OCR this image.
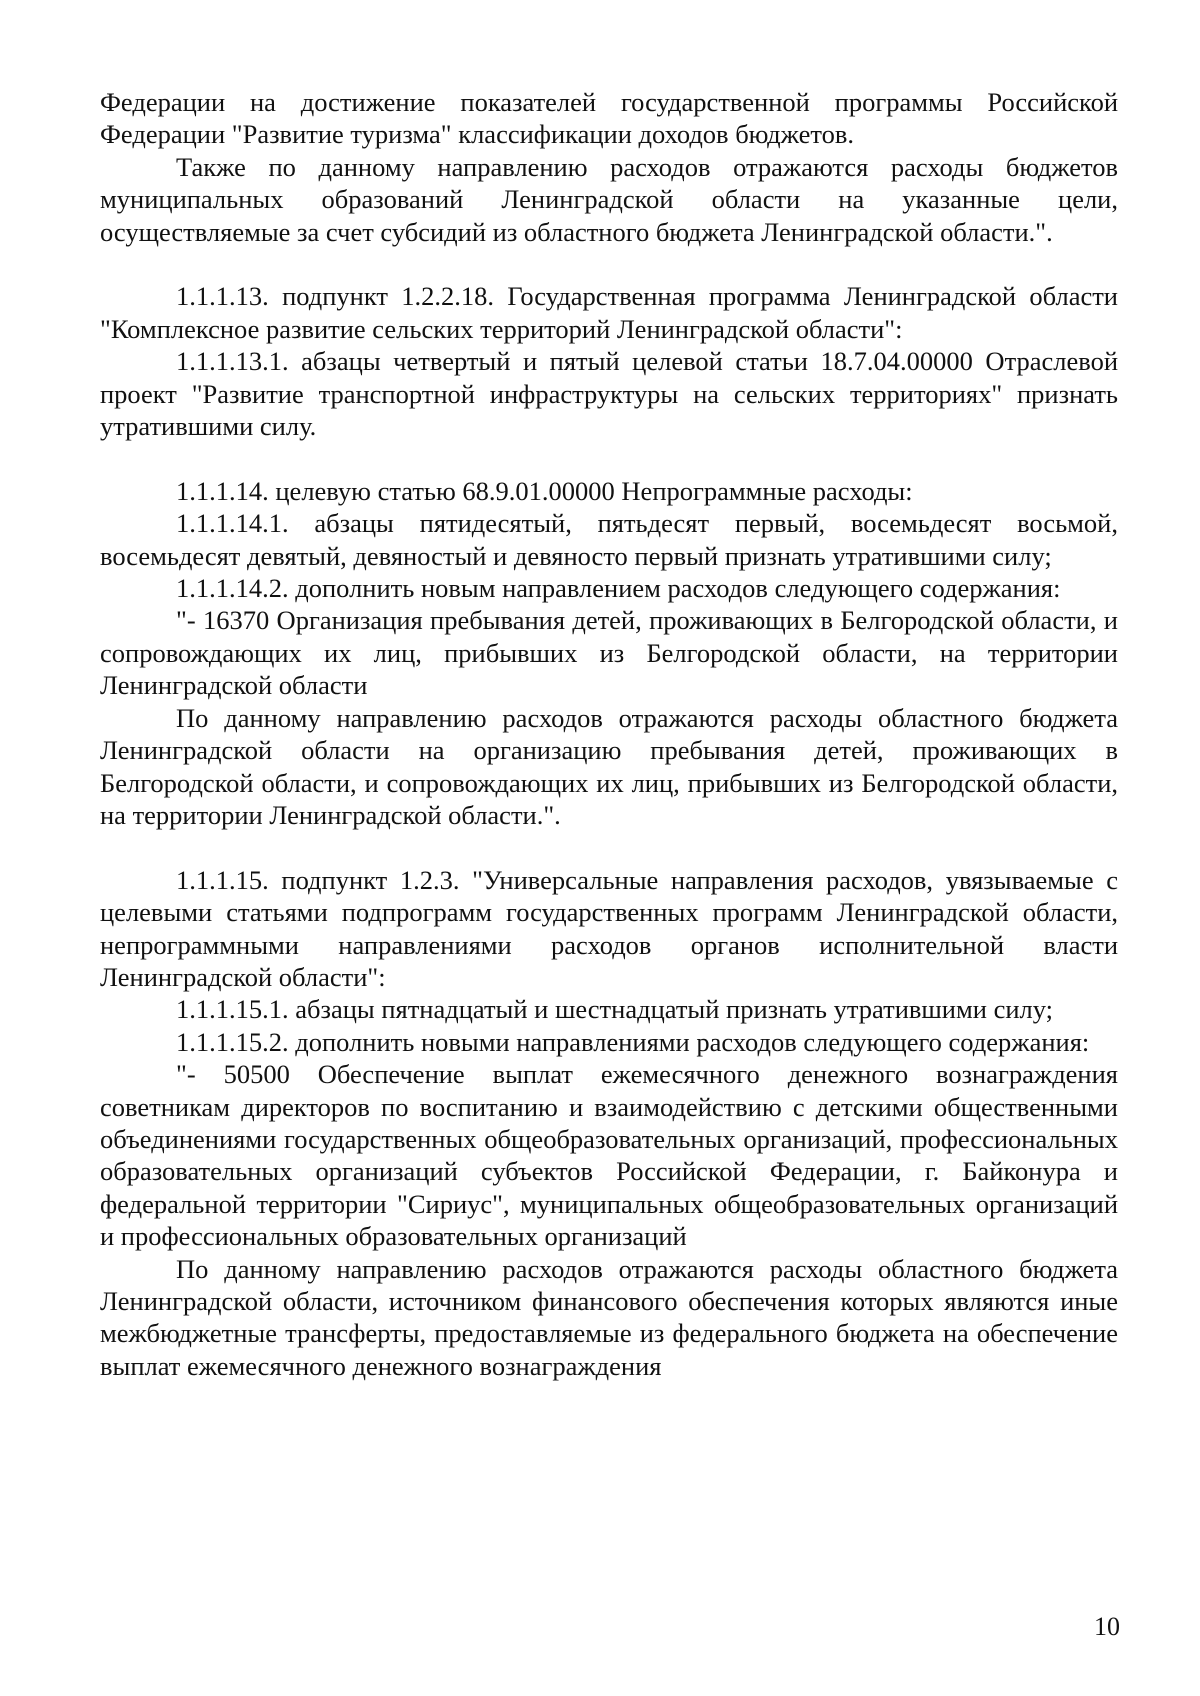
Федерации на достижение показателей государственной программы Российской Федерации "Развитие туризма" классификации доходов бюджетов.

Также по данному направлению расходов отражаются расходы бюджетов муниципальных образований Ленинградской области на указанные цели, осуществляемые за счет субсидий из областного бюджета Ленинградской области.".

1.1.1.13. подпункт 1.2.2.18. Государственная программа Ленинградской области "Комплексное развитие сельских территорий Ленинградской области":

1.1.1.13.1. абзацы четвертый и пятый целевой статьи 18.7.04.00000 Отраслевой проект "Развитие транспортной инфраструктуры на сельских территориях" признать утратившими силу.

1.1.1.14. целевую статью 68.9.01.00000 Непрограммные расходы:

1.1.1.14.1. абзацы пятидесятый, пятьдесят первый, восемьдесят восьмой, восемьдесят девятый, девяностый и девяносто первый признать утратившими силу;

1.1.1.14.2. дополнить новым направлением расходов следующего содержания:

"- 16370 Организация пребывания детей, проживающих в Белгородской области, и сопровождающих их лиц, прибывших из Белгородской области, на территории Ленинградской области

По данному направлению расходов отражаются расходы областного бюджета Ленинградской области на организацию пребывания детей, проживающих в Белгородской области, и сопровождающих их лиц, прибывших из Белгородской области, на территории Ленинградской области.".

1.1.1.15. подпункт 1.2.3. "Универсальные направления расходов, увязываемые с целевыми статьями подпрограмм государственных программ Ленинградской области, непрограммными направлениями расходов органов исполнительной власти Ленинградской области":

1.1.1.15.1. абзацы пятнадцатый и шестнадцатый признать утратившими силу;

1.1.1.15.2. дополнить новыми направлениями расходов следующего содержания:

"- 50500 Обеспечение выплат ежемесячного денежного вознаграждения советникам директоров по воспитанию и взаимодействию с детскими общественными объединениями государственных общеобразовательных организаций, профессиональных образовательных организаций субъектов Российской Федерации, г. Байконура и федеральной территории "Сириус", муниципальных общеобразовательных организаций и профессиональных образовательных организаций

По данному направлению расходов отражаются расходы областного бюджета Ленинградской области, источником финансового обеспечения которых являются иные межбюджетные трансферты, предоставляемые из федерального бюджета на обеспечение выплат ежемесячного денежного вознаграждения

10
